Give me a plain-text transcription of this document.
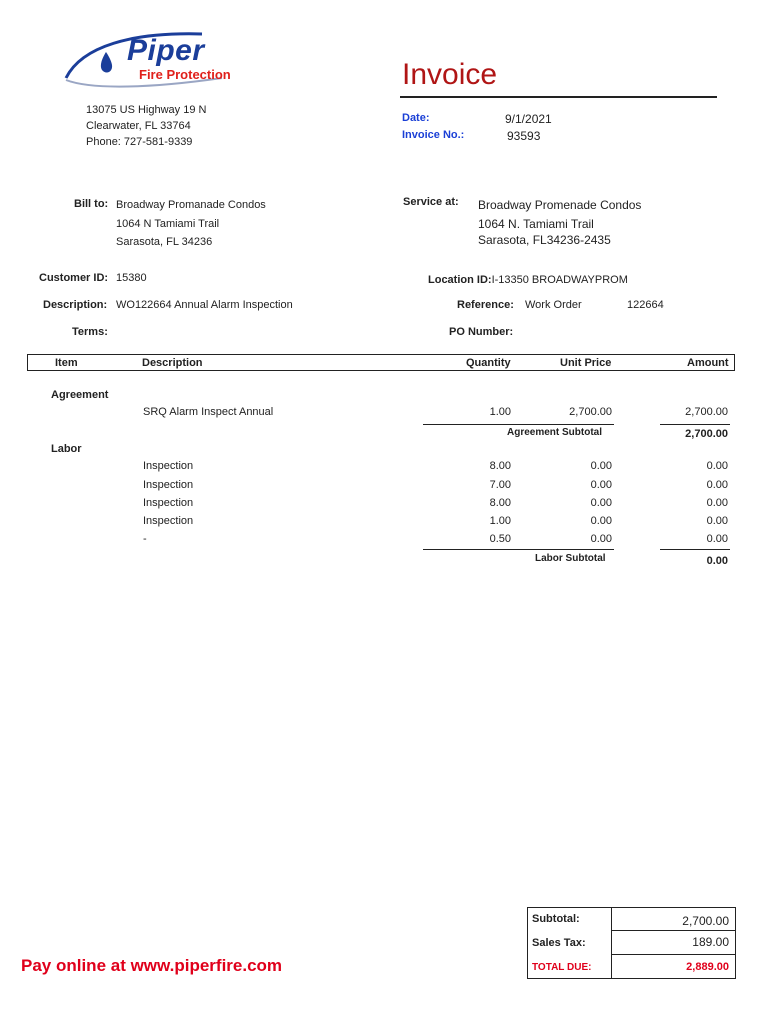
Piper
Fire Protection
13075 US Highway 19 N
Clearwater, FL 33764
Phone: 727-581-9339
Invoice
Date:	9/1/2021
Invoice No.:	93593
Bill to: Broadway Promanade Condos
1064 N Tamiami Trail
Sarasota, FL 34236
Service at: Broadway Promenade Condos
1064 N. Tamiami Trail
Sarasota, FL34236-2435
Customer ID: 15380	Location ID:I-13350 BROADWAYPROM
Description: WO122664 Annual Alarm Inspection	Reference: Work Order	122664
Terms:	PO Number:
Item	Description	Quantity	Unit Price	Amount
Agreement
SRQ Alarm Inspect Annual	1.00	2,700.00	2,700.00
Agreement Subtotal	2,700.00
Labor
Inspection	8.00	0.00	0.00
Inspection	7.00	0.00	0.00
Inspection	8.00	0.00	0.00
Inspection	1.00	0.00	0.00
-	0.50	0.00	0.00
Labor Subtotal	0.00
Subtotal:	2,700.00
Sales Tax:	189.00
TOTAL DUE:	2,889.00
Pay online at www.piperfire.com
